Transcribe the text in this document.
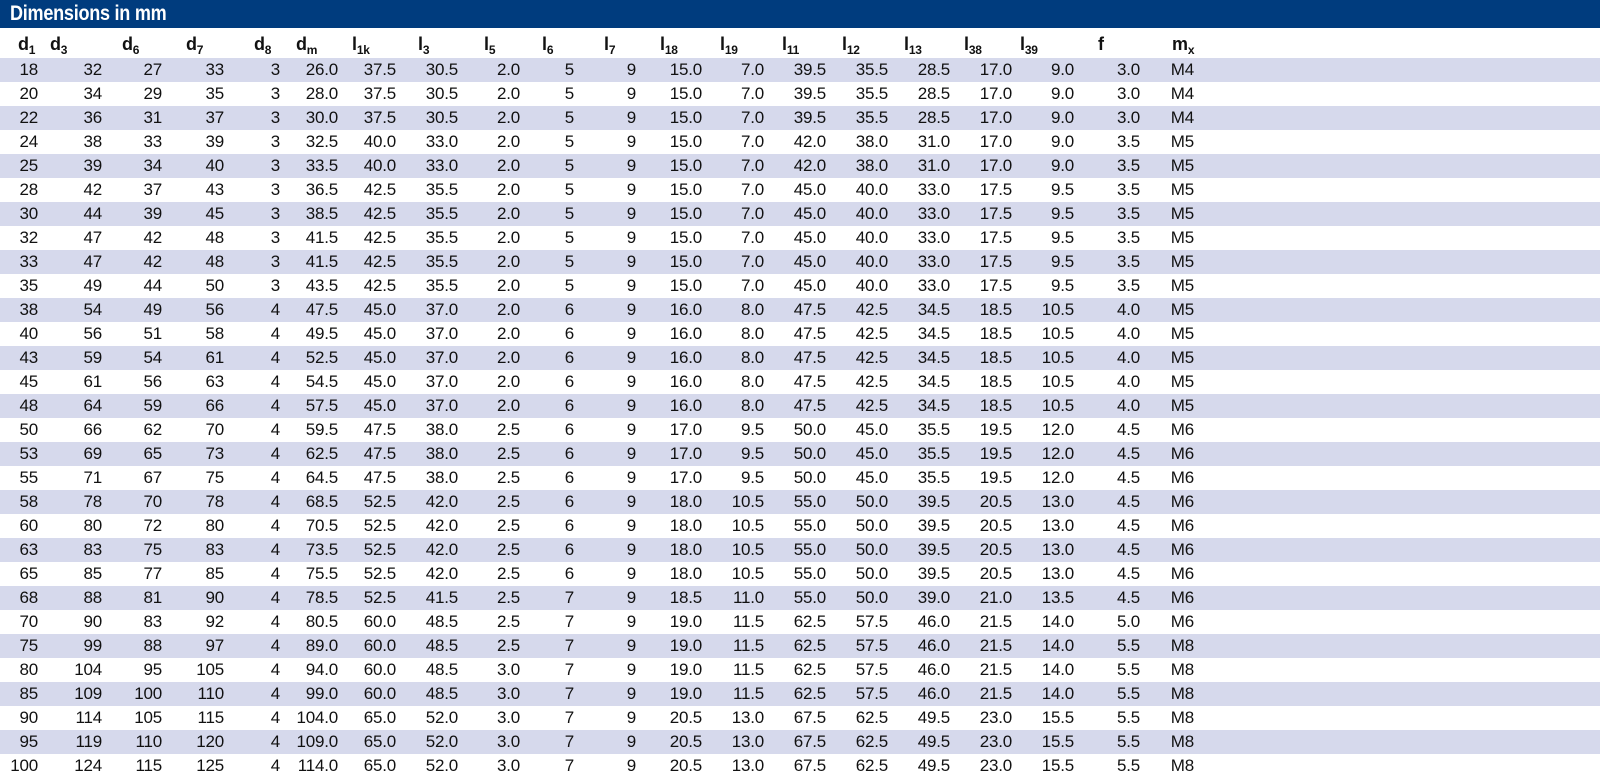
Dimensions in mm
$d_1$ $d_3$	$d_6$	$d_7$	$d_8$	$d_m$	$l_{1k}$	$l_3$	$l_5$	$l_6$	$l_7$	$l_{18}$	$l_{19}$	$l_{11}$	$l_{12}$	$l_{13}$	$l_{38}$	$l_{39}$	f	$m_x$
18	32	27	33	3	26.0	37.5	30.5	2.0	5	9	15.0	7.0	39.5	35.5	28.5	17.0	9.0	3.0	M4
20	34	29	35	3	28.0	37.5	30.5	2.0	5	9	15.0	7.0	39.5	35.5	28.5	17.0	9.0	3.0	M4
22	36	31	37	3	30.0	37.5	30.5	2.0	5	9	15.0	7.0	39.5	35.5	28.5	17.0	9.0	3.0	M4
24	38	33	39	3	32.5	40.0	33.0	2.0	5	9	15.0	7.0	42.0	38.0	31.0	17.0	9.0	3.5	M5
25	39	34	40	3	33.5	40.0	33.0	2.0	5	9	15.0	7.0	42.0	38.0	31.0	17.0	9.0	3.5	M5
28	42	37	43	3	36.5	42.5	35.5	2.0	5	9	15.0	7.0	45.0	40.0	33.0	17.5	9.5	3.5	M5
30	44	39	45	3	38.5	42.5	35.5	2.0	5	9	15.0	7.0	45.0	40.0	33.0	17.5	9.5	3.5	M5
32	47	42	48	3	41.5	42.5	35.5	2.0	5	9	15.0	7.0	45.0	40.0	33.0	17.5	9.5	3.5	M5
33	47	42	48	3	41.5	42.5	35.5	2.0	5	9	15.0	7.0	45.0	40.0	33.0	17.5	9.5	3.5	M5
35	49	44	50	3	43.5	42.5	35.5	2.0	5	9	15.0	7.0	45.0	40.0	33.0	17.5	9.5	3.5	M5
38	54	49	56	4	47.5	45.0	37.0	2.0	6	9	16.0	8.0	47.5	42.5	34.5	18.5	10.5	4.0	M5
40	56	51	58	4	49.5	45.0	37.0	2.0	6	9	16.0	8.0	47.5	42.5	34.5	18.5	10.5	4.0	M5
43	59	54	61	4	52.5	45.0	37.0	2.0	6	9	16.0	8.0	47.5	42.5	34.5	18.5	10.5	4.0	M5
45	61	56	63	4	54.5	45.0	37.0	2.0	6	9	16.0	8.0	47.5	42.5	34.5	18.5	10.5	4.0	M5
48	64	59	66	4	57.5	45.0	37.0	2.0	6	9	16.0	8.0	47.5	42.5	34.5	18.5	10.5	4.0	M5
50	66	62	70	4	59.5	47.5	38.0	2.5	6	9	17.0	9.5	50.0	45.0	35.5	19.5	12.0	4.5	M6
53	69	65	73	4	62.5	47.5	38.0	2.5	6	9	17.0	9.5	50.0	45.0	35.5	19.5	12.0	4.5	M6
55	71	67	75	4	64.5	47.5	38.0	2.5	6	9	17.0	9.5	50.0	45.0	35.5	19.5	12.0	4.5	M6
58	78	70	78	4	68.5	52.5	42.0	2.5	6	9	18.0	10.5	55.0	50.0	39.5	20.5	13.0	4.5	M6
60	80	72	80	4	70.5	52.5	42.0	2.5	6	9	18.0	10.5	55.0	50.0	39.5	20.5	13.0	4.5	M6
63	83	75	83	4	73.5	52.5	42.0	2.5	6	9	18.0	10.5	55.0	50.0	39.5	20.5	13.0	4.5	M6
65	85	77	85	4	75.5	52.5	42.0	2.5	6	9	18.0	10.5	55.0	50.0	39.5	20.5	13.0	4.5	M6
68	88	81	90	4	78.5	52.5	41.5	2.5	7	9	18.5	11.0	55.0	50.0	39.0	21.0	13.5	4.5	M6
70	90	83	92	4	80.5	60.0	48.5	2.5	7	9	19.0	11.5	62.5	57.5	46.0	21.5	14.0	5.0	M6
75	99	88	97	4	89.0	60.0	48.5	2.5	7	9	19.0	11.5	62.5	57.5	46.0	21.5	14.0	5.5	M8
80	104	95	105	4	94.0	60.0	48.5	3.0	7	9	19.0	11.5	62.5	57.5	46.0	21.5	14.0	5.5	M8
85	109	100	110	4	99.0	60.0	48.5	3.0	7	9	19.0	11.5	62.5	57.5	46.0	21.5	14.0	5.5	M8
90	114	105	115	4 104.0	65.0	52.0	3.0	7	9	20.5	13.0	67.5	62.5	49.5	23.0	15.5	5.5	M8
95	119	110	120	4 109.0	65.0	52.0	3.0	7	9	20.5	13.0	67.5	62.5	49.5	23.0	15.5	5.5	M8
100	124	115	125	4	114.0	65.0	52.0	3.0	7	9	20.5	13.0	67.5	62.5	49.5	23.0	15.5	5.5	M8
